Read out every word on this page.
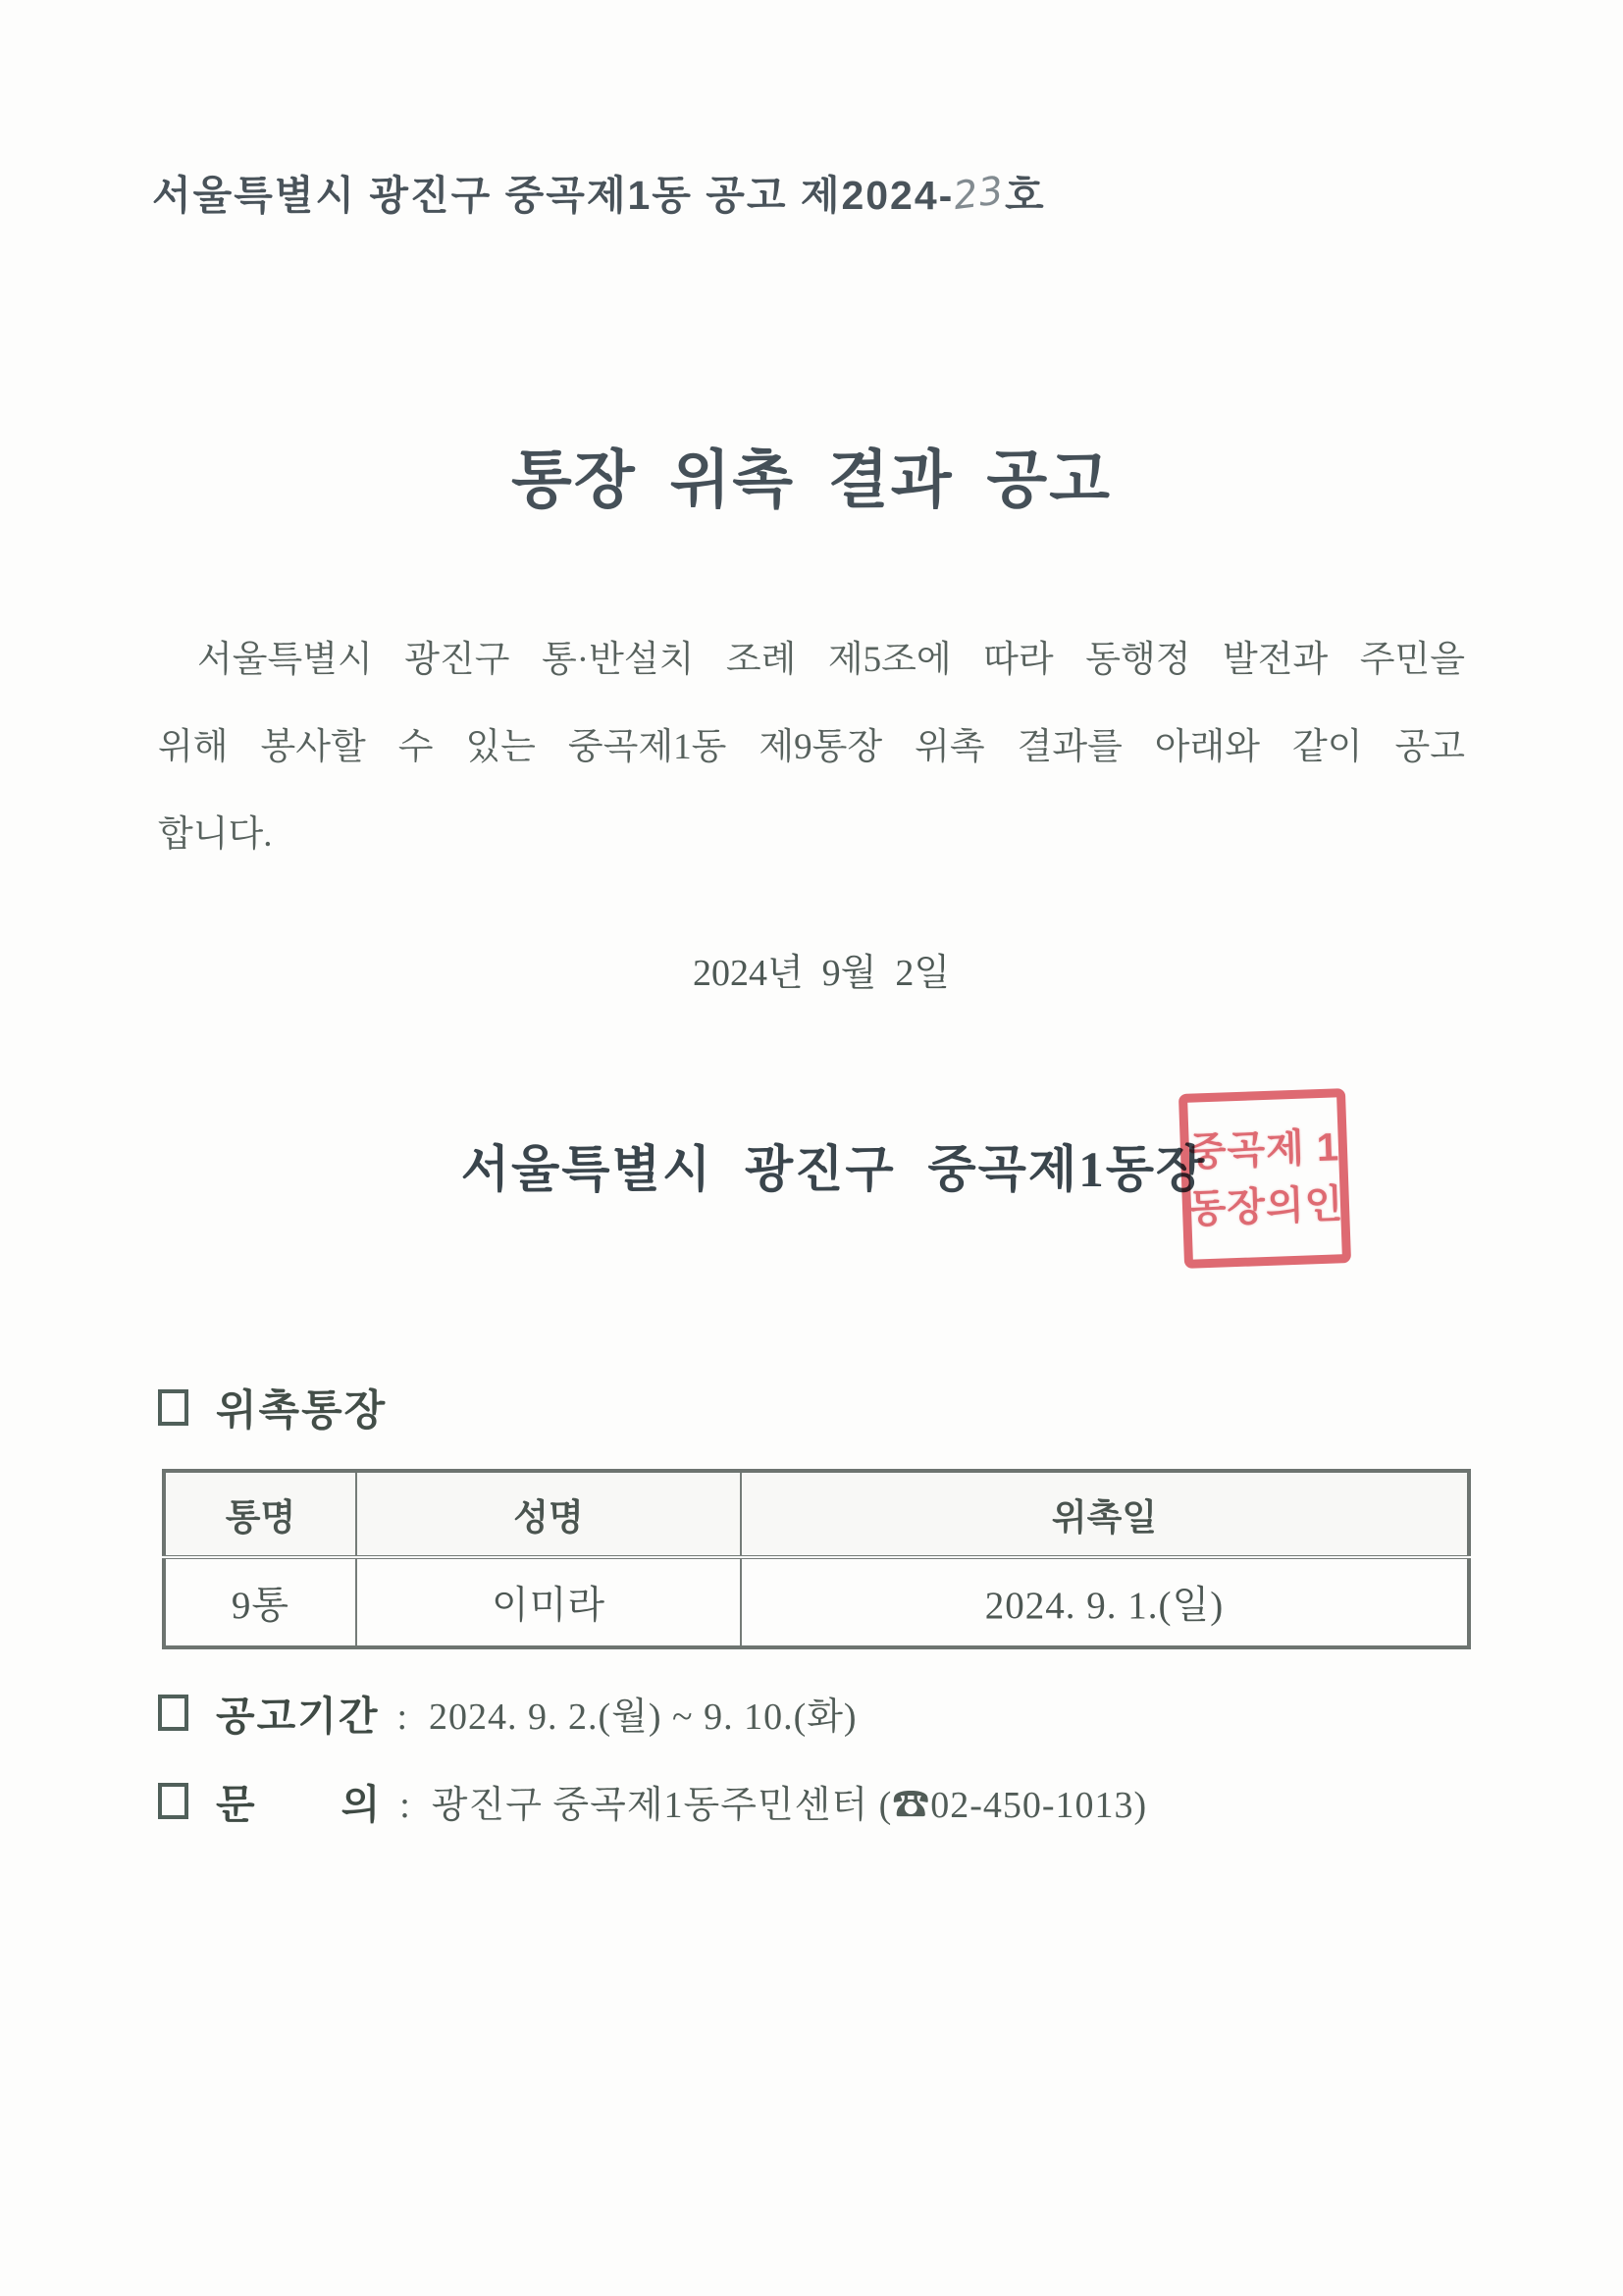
서울특별시 광진구 중곡제1동 공고 제2024-23호
통장 위촉 결과 공고
서울특별시 광진구 통·반설치 조례 제5조에 따라 동행정 발전과 주민을
위해 봉사할 수 있는 중곡제1동 제9통장 위촉 결과를 아래와 같이 공고
합니다.
2024년  9월  2일
서울특별시 광진구 중곡제1동장
중곡제 1
동장의인
위촉통장
통명	성명	위촉일
9통	이미라	2024. 9. 1.(일)
공고기간 :  2024. 9. 2.(월) ~ 9. 10.(화)
문　　의 :  광진구 중곡제1동주민센터 (☎02-450-1013)
